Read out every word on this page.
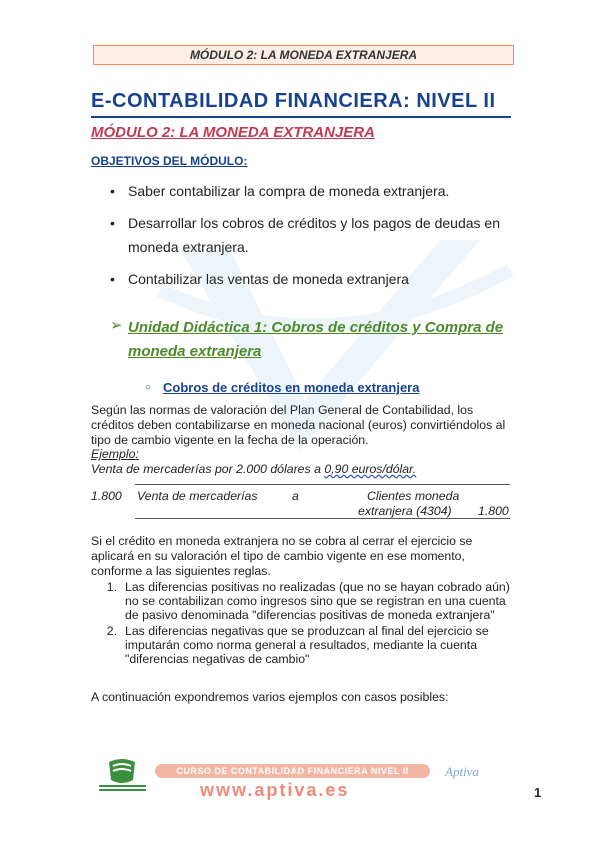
MÓDULO 2: LA MONEDA EXTRANJERA
E-CONTABILIDAD FINANCIERA: NIVEL II
MÓDULO 2: LA MONEDA EXTRANJERA
OBJETIVOS DEL MÓDULO:
• Saber contabilizar la compra de moneda extranjera.
• Desarrollar los cobros de créditos y los pagos de deudas en moneda extranjera.
• Contabilizar las ventas de moneda extranjera
➢ Unidad Didáctica 1: Cobros de créditos y Compra de moneda extranjera
○ Cobros de créditos en moneda extranjera
Según las normas de valoración del Plan General de Contabilidad, los créditos deben contabilizarse en moneda nacional (euros) convirtiéndolos al tipo de cambio vigente en la fecha de la operación.
Ejemplo:
Venta de mercaderías por 2.000 dólares a 0,90 euros/dólar.
1.800 Venta de mercaderías	a	Clientes moneda
extranjera (4304) 1.800
Si el crédito en moneda extranjera no se cobra al cerrar el ejercicio se aplicará en su valoración el tipo de cambio vigente en ese momento, conforme a las siguientes reglas.
1. Las diferencias positivas no realizadas (que no se hayan cobrado aún) no se contabilizan como ingresos sino que se registran en una cuenta de pasivo denominada "diferencias positivas de moneda extranjera"
2. Las diferencias negativas que se produzcan al final del ejercicio se imputarán como norma general a resultados, mediante la cuenta "diferencias negativas de cambio"
A continuación expondremos varios ejemplos con casos posibles:
CURSO DE CONTABILIDAD FINANCIERA NIVEL II
www.aptiva.es
Aptiva
1
